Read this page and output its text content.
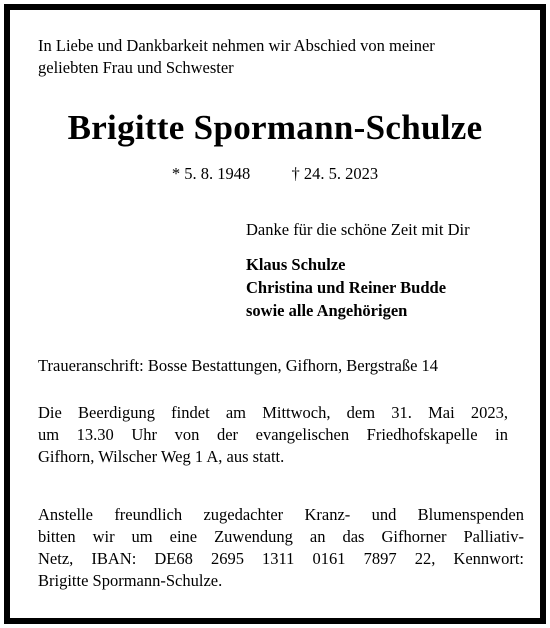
In Liebe und Dankbarkeit nehmen wir Abschied von meiner
geliebten Frau und Schwester
Brigitte Spormann-Schulze
* 5. 8. 1948	† 24. 5. 2023
Danke für die schöne Zeit mit Dir
Klaus Schulze
Christina und Reiner Budde
sowie alle Angehörigen
Traueranschrift: Bosse Bestattungen, Gifhorn, Bergstraße 14
Die Beerdigung findet am Mittwoch, dem 31. Mai 2023,
um 13.30 Uhr von der evangelischen Friedhofskapelle in
Gifhorn, Wilscher Weg 1 A, aus statt.
Anstelle freundlich zugedachter Kranz- und Blumenspenden
bitten wir um eine Zuwendung an das Gifhorner Palliativ-
Netz, IBAN: DE68 2695 1311 0161 7897 22, Kennwort:
Brigitte Spormann-Schulze.
